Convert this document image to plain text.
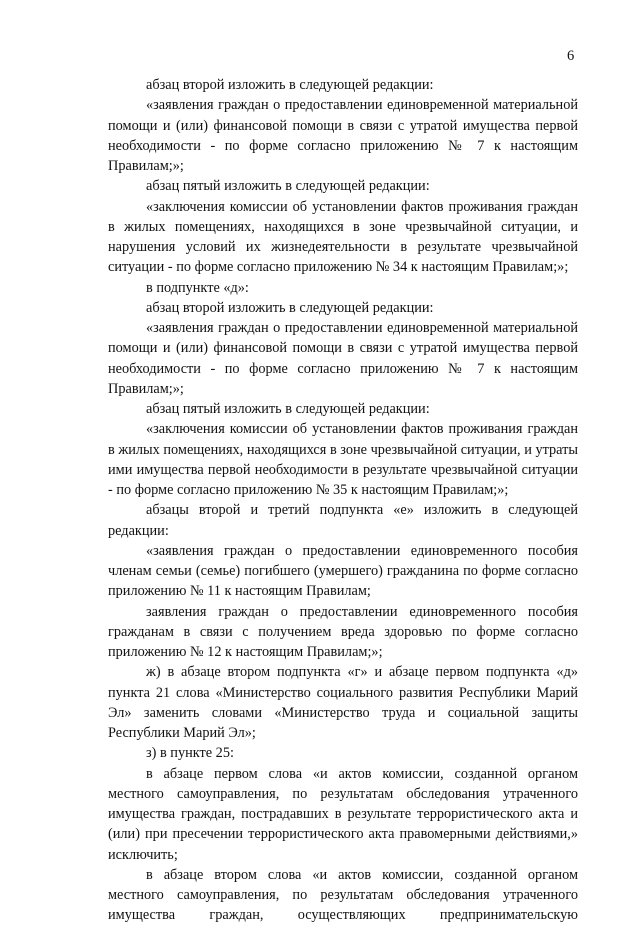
6

абзац второй изложить в следующей редакции:

«заявления граждан о предоставлении единовременной материальной помощи и (или) финансовой помощи в связи с утратой имущества первой необходимости - по форме согласно приложению № 7 к настоящим Правилам;»;

абзац пятый изложить в следующей редакции:

«заключения комиссии об установлении фактов проживания граждан в жилых помещениях, находящихся в зоне чрезвычайной ситуации, и нарушения условий их жизнедеятельности в результате чрезвычайной ситуации - по форме согласно приложению № 34 к настоящим Правилам;»;

в подпункте «д»:

абзац второй изложить в следующей редакции:

«заявления граждан о предоставлении единовременной материальной помощи и (или) финансовой помощи в связи с утратой имущества первой необходимости - по форме согласно приложению № 7 к настоящим Правилам;»;

абзац пятый изложить в следующей редакции:

«заключения комиссии об установлении фактов проживания граждан в жилых помещениях, находящихся в зоне чрезвычайной ситуации, и утраты ими имущества первой необходимости в результате чрезвычайной ситуации - по форме согласно приложению № 35 к настоящим Правилам;»;

абзацы второй и третий подпункта «е» изложить в следующей редакции:

«заявления граждан о предоставлении единовременного пособия членам семьи (семье) погибшего (умершего) гражданина по форме согласно приложению № 11 к настоящим Правилам;

заявления граждан о предоставлении единовременного пособия гражданам в связи с получением вреда здоровью по форме согласно приложению № 12 к настоящим Правилам;»;

ж) в абзаце втором подпункта «г» и абзаце первом подпункта «д» пункта 21 слова «Министерство социального развития Республики Марий Эл» заменить словами «Министерство труда и социальной защиты Республики Марий Эл»;

з) в пункте 25:

в абзаце первом слова «и актов комиссии, созданной органом местного самоуправления, по результатам обследования утраченного имущества граждан, пострадавших в результате террористического акта и (или) при пресечении террористического акта правомерными действиями,» исключить;

в абзаце втором слова «и актов комиссии, созданной органом местного самоуправления, по результатам обследования утраченного имущества граждан, осуществляющих предпринимательскую
